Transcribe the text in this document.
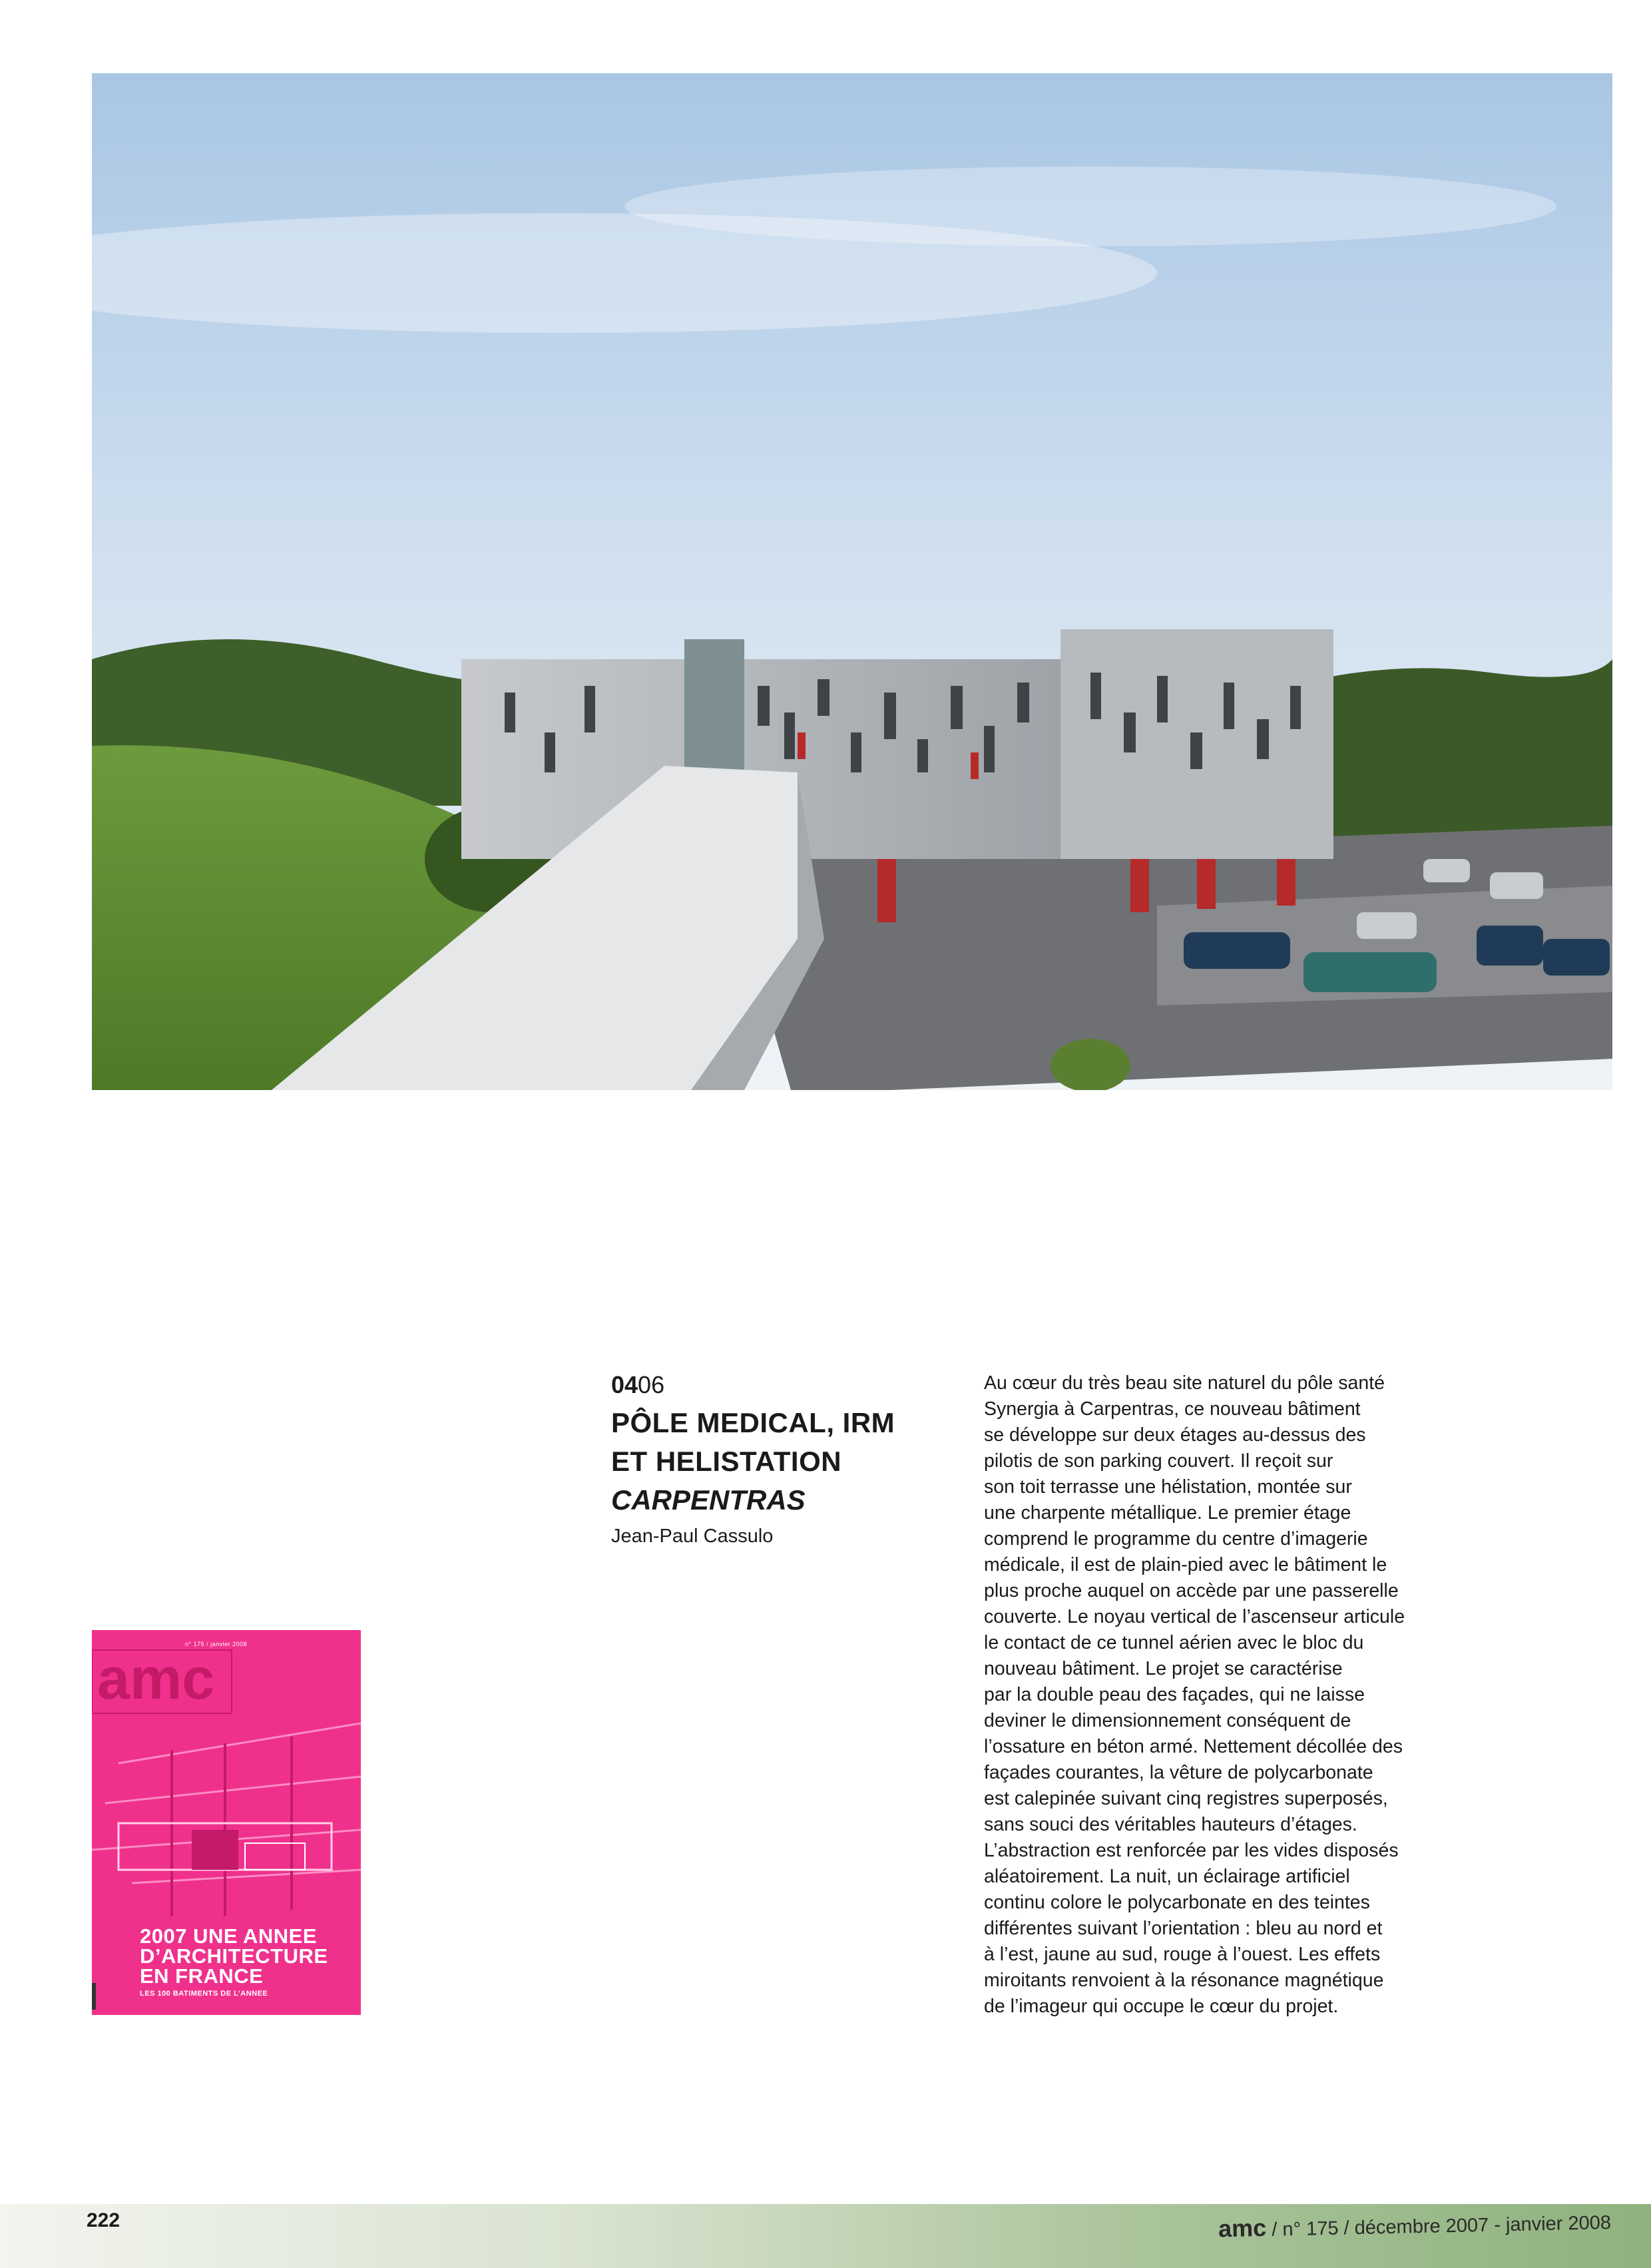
0406
PÔLE MEDICAL, IRM
ET HELISTATION
CARPENTRAS
Jean-Paul Cassulo
Au cœur du très beau site naturel du pôle santé
Synergia à Carpentras, ce nouveau bâtiment
se développe sur deux étages au-dessus des
pilotis de son parking couvert. Il reçoit sur
son toit terrasse une hélistation, montée sur
une charpente métallique. Le premier étage
comprend le programme du centre d’imagerie
médicale, il est de plain-pied avec le bâtiment le
plus proche auquel on accède par une passerelle
couverte. Le noyau vertical de l’ascenseur articule
le contact de ce tunnel aérien avec le bloc du
nouveau bâtiment. Le projet se caractérise
par la double peau des façades, qui ne laisse
deviner le dimensionnement conséquent de
l’ossature en béton armé. Nettement décollée des
façades courantes, la vêture de polycarbonate
est calepinée suivant cinq registres superposés,
sans souci des véritables hauteurs d’étages.
L’abstraction est renforcée par les vides disposés
aléatoirement. La nuit, un éclairage artificiel
continu colore le polycarbonate en des teintes
différentes suivant l’orientation : bleu au nord et
à l’est, jaune au sud, rouge à l’ouest. Les effets
miroitants renvoient à la résonance magnétique
de l’imageur qui occupe le cœur du projet.
n° 175 / janvier 2008
amc
2007 UNE ANNEE
D’ARCHITECTURE
EN FRANCE
LES 100 BATIMENTS DE L’ANNEE
222	amc / n° 175 / décembre 2007 - janvier 2008
